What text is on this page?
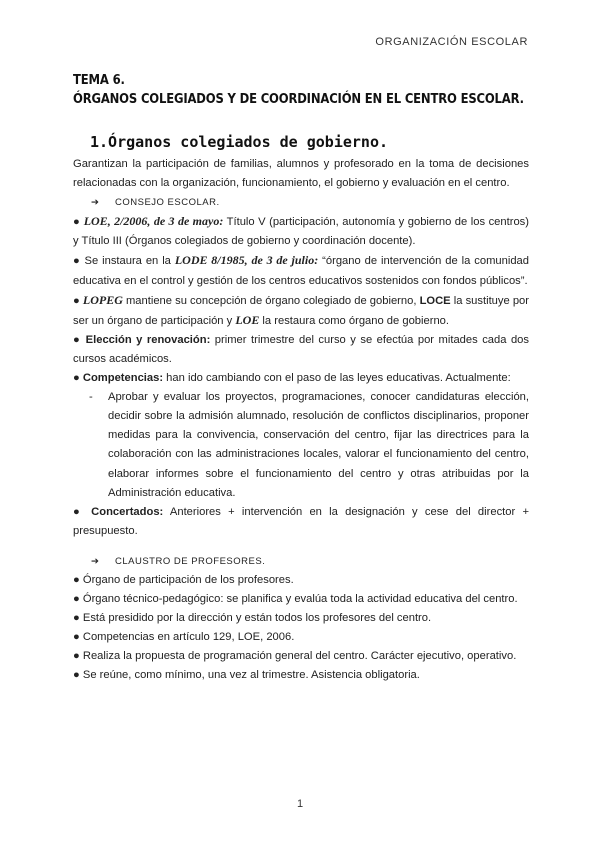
ORGANIZACIÓN ESCOLAR
TEMA 6.
ÓRGANOS COLEGIADOS Y DE COORDINACIÓN EN EL CENTRO ESCOLAR.
1.Órganos colegiados de gobierno.

Garantizan la participación de familias, alumnos y profesorado en la toma de decisiones relacionadas con la organización, funcionamiento, el gobierno y evaluación en el centro.

➔ CONSEJO ESCOLAR.

● LOE, 2/2006, de 3 de mayo: Título V (participación, autonomía y gobierno de los centros) y Título III (Órganos colegiados de gobierno y coordinación docente).

● Se instaura en la LODE 8/1985, de 3 de julio: “órgano de intervención de la comunidad educativa en el control y gestión de los centros educativos sostenidos con fondos públicos”.

● LOPEG mantiene su concepción de órgano colegiado de gobierno, LOCE la sustituye por ser un órgano de participación y LOE la restaura como órgano de gobierno.

● Elección y renovación: primer trimestre del curso y se efectúa por mitades cada dos cursos académicos.

● Competencias: han ido cambiando con el paso de las leyes educativas. Actualmente:

- Aprobar y evaluar los proyectos, programaciones, conocer candidaturas elección, decidir sobre la admisión alumnado, resolución de conflictos disciplinarios, proponer medidas para la convivencia, conservación del centro, fijar las directrices para la colaboración con las administraciones locales, valorar el funcionamiento del centro, elaborar informes sobre el funcionamiento del centro y otras atribuidas por la Administración educativa.

● Concertados: Anteriores + intervención en la designación y cese del director + presupuesto.

➔ CLAUSTRO DE PROFESORES.

● Órgano de participación de los profesores.

● Órgano técnico-pedagógico: se planifica y evalúa toda la actividad educativa del centro.

● Está presidido por la dirección y están todos los profesores del centro.

● Competencias en artículo 129, LOE, 2006.

● Realiza la propuesta de programación general del centro. Carácter ejecutivo, operativo.

● Se reúne, como mínimo, una vez al trimestre. Asistencia obligatoria.

1
